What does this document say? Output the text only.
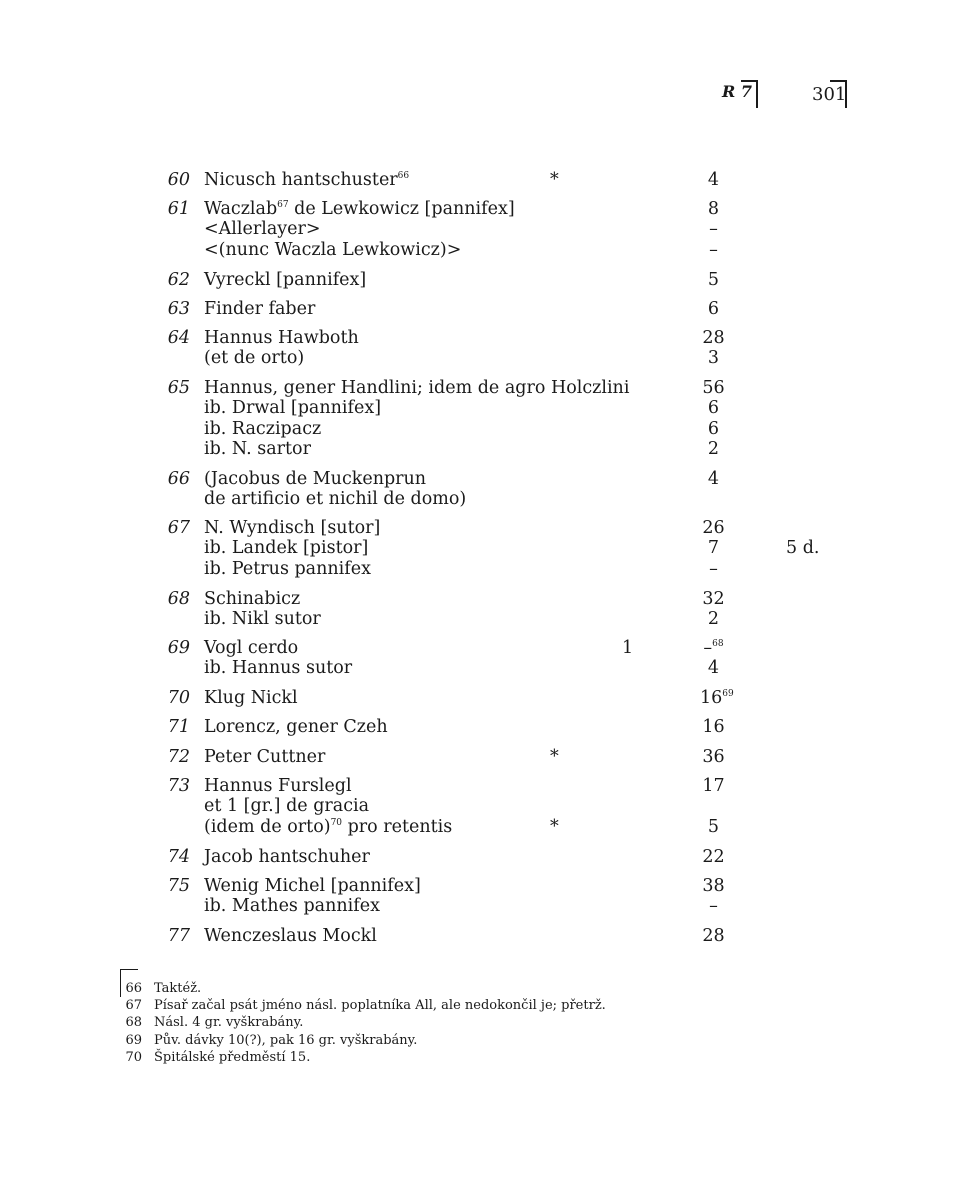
R 7	301
60 Nicusch hantschuster$^{66}$	*	4
61 Waczlab$^{67}$ de Lewkowicz [pannifex]	8
<Allerlayer>	–
<(nunc Waczla Lewkowicz)>	–
62 Vyreckl [pannifex]	5
63 Finder faber	6
64 Hannus Hawboth	28
(et de orto)	3
65 Hannus, gener Handlini; idem de agro Holczlini	56
ib. Drwal [pannifex]	6
ib. Raczipacz	6
ib. N. sartor	2
66 (Jacobus de Muckenprun	4
de artificio et nichil de domo)
67 N. Wyndisch [sutor]	26
ib. Landek [pistor]	7	5 d.
ib. Petrus pannifex	–
68 Schinabicz	32
ib. Nikl sutor	2
69 Vogl cerdo	1	–$^{68}$
ib. Hannus sutor	4
70 Klug Nickl	$16^{69}$
71 Lorencz, gener Czeh	16
72 Peter Cuttner	*	36
73 Hannus Furslegl	17
et 1 [gr.] de gracia
(idem de orto)$^{70}$ pro retentis	*	5
74 Jacob hantschuher	22
75 Wenig Michel [pannifex]	38
ib. Mathes pannifex	–
77 Wenczeslaus Mockl	28
66 Taktéž.
67 Písař začal psát jméno násl. poplatníka All, ale nedokončil je; přetrž.
68 Násl. 4 gr. vyškrabány.
69 Pův. dávky 10(?), pak 16 gr. vyškrabány.
70 Špitálské předměstí 15.
